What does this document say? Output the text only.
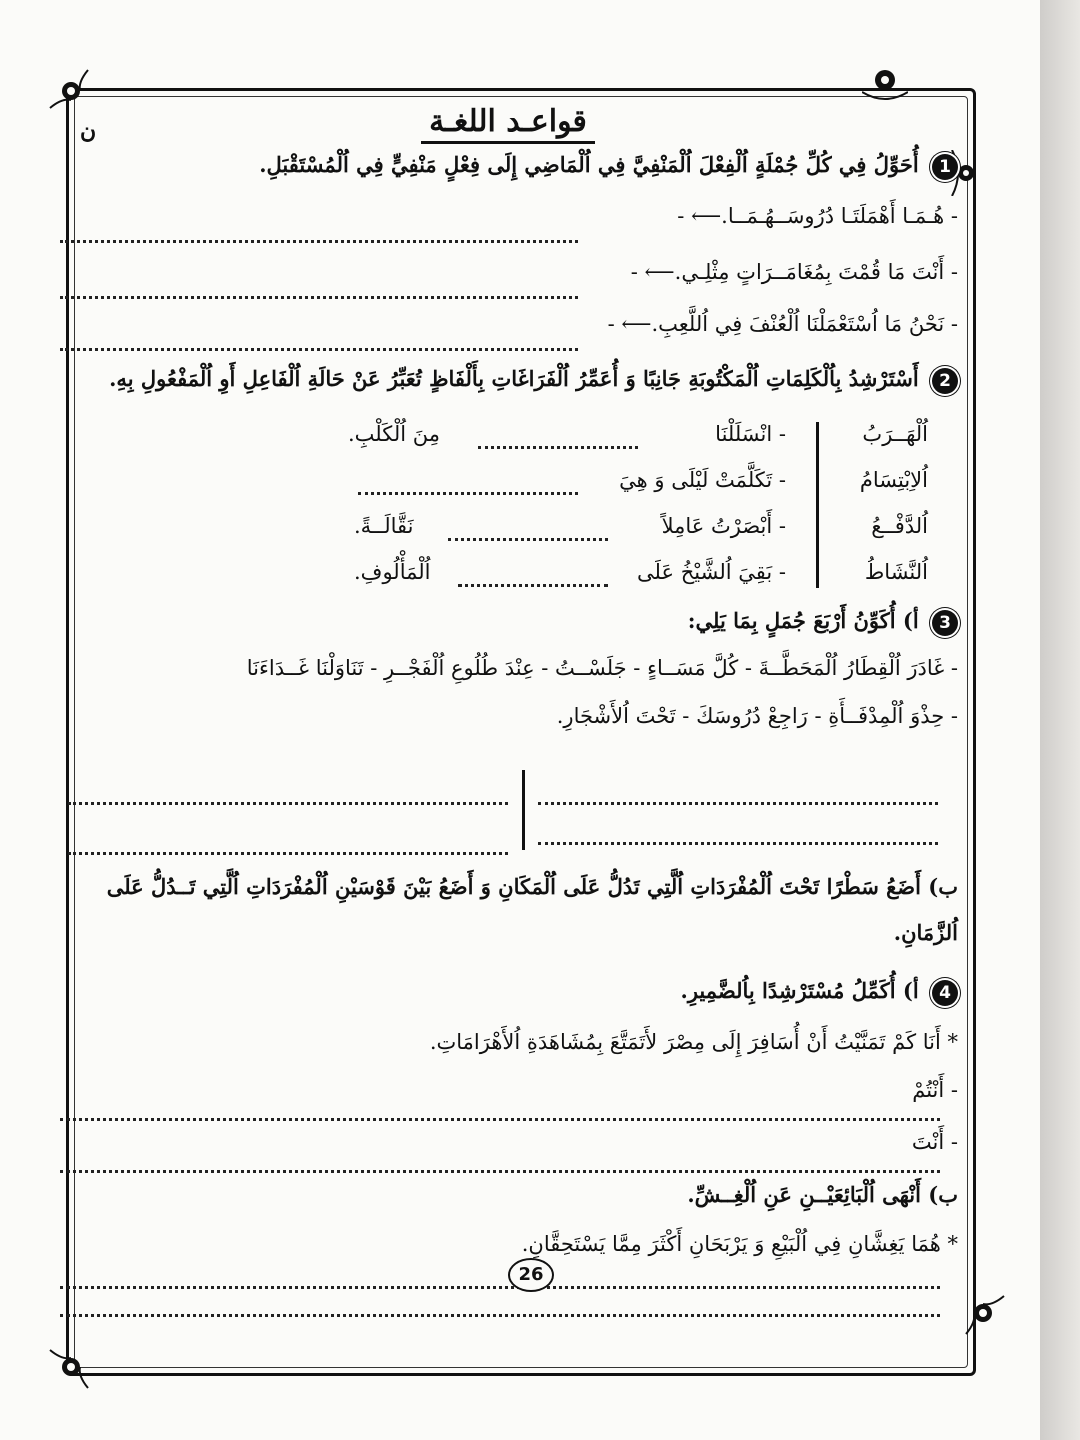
ن	قواعـد اللغـة
1 أُحَوِّلُ فِي كُلِّ جُمْلَةٍ اُلْفِعْلَ اُلْمَنْفِيَّ فِي اُلْمَاضِي إِلَى فِعْلٍ مَنْفِيٍّ فِي اُلْمُسْتَقْبَلِ.
- هُـمَـا أَهْمَلَتَـا دُرُوسَــهُـمَــا.⟵ -
- أَنْتَ مَا قُمْتَ بِمُغَامَــرَاتٍ مِثْلِـي.⟵ -
- نَحْنُ مَا اُسْتَعْمَلْنَا اُلْعُنْفَ فِي اُللَّعِبِ.⟵ -
2 أَسْتَرْشِدُ بِاُلْكَلِمَاتِ اُلْمَكْتُوبَةِ جَانِبًا وَ أُعَمِّرُ اُلْفَرَاغَاتِ بِأَلْفَاظٍ تُعَبِّرُ عَنْ حَالَةِ اُلْفَاعِلِ أَوِ اُلْمَفْعُولِ بِهِ.
اُلْهَــرَبُ
اُلاِبْتِسَامُ
اُلدَّفْــعُ
اُلنَّشَاطُ
- انْسَلَلْنَا
مِنَ اُلْكَلْبِ.
- تَكَلَّمَتْ لَيْلَى وَ هِيَ
- أَبْصَرْتُ عَامِلاً
نَقَّالَــةً.
- بَقِيَ اُلشَّيْخُ عَلَى
اُلْمَأْلُوفِ.
3 أ) أُكَوِّنُ أَرْبَعَ جُمَلٍ بِمَا يَلِي:
- غَادَرَ اُلْقِطَارُ اُلْمَحَطَّــةَ - كُلَّ مَسَــاءٍ - جَلَسْــتُ - عِنْدَ طُلُوعِ اُلْفَجْــرِ - تَنَاوَلْنَا غَــدَاءَنَا
- حِذْوَ اُلْمِدْفَــأَةِ - رَاجِعْ دُرُوسَكَ - تَحْتَ اُلأَشْجَارِ.
ب) أَضَعُ سَطْرًا تَحْتَ اُلْمُفْرَدَاتِ اُلَّتِي تَدُلُّ عَلَى اُلْمَكَانِ وَ أَضَعُ بَيْنَ قَوْسَيْنِ اُلْمُفْرَدَاتِ اُلَّتِي تَــدُلُّ عَلَى
اُلزَّمَانِ.
4 أ) أُكَمِّلُ مُسْتَرْشِدًا بِاُلضَّمِيرِ.
* أَنَا كَمْ تَمَنَّيْتُ أَنْ أُسَافِرَ إِلَى مِصْرَ لأَتَمَتَّعَ بِمُشَاهَدَةِ اُلأَهْرَامَاتِ.
- أَنْتُمْ
- أَنْتَ
ب) أَنْهَى اُلْبَائِعَيْــنِ عَنِ اُلْغِــشِّ.
* هُمَا يَغِشَّانِ فِي اُلْبَيْعِ وَ يَرْبَحَانِ أَكْثَرَ مِمَّا يَسْتَحِقَّانِ.
26
